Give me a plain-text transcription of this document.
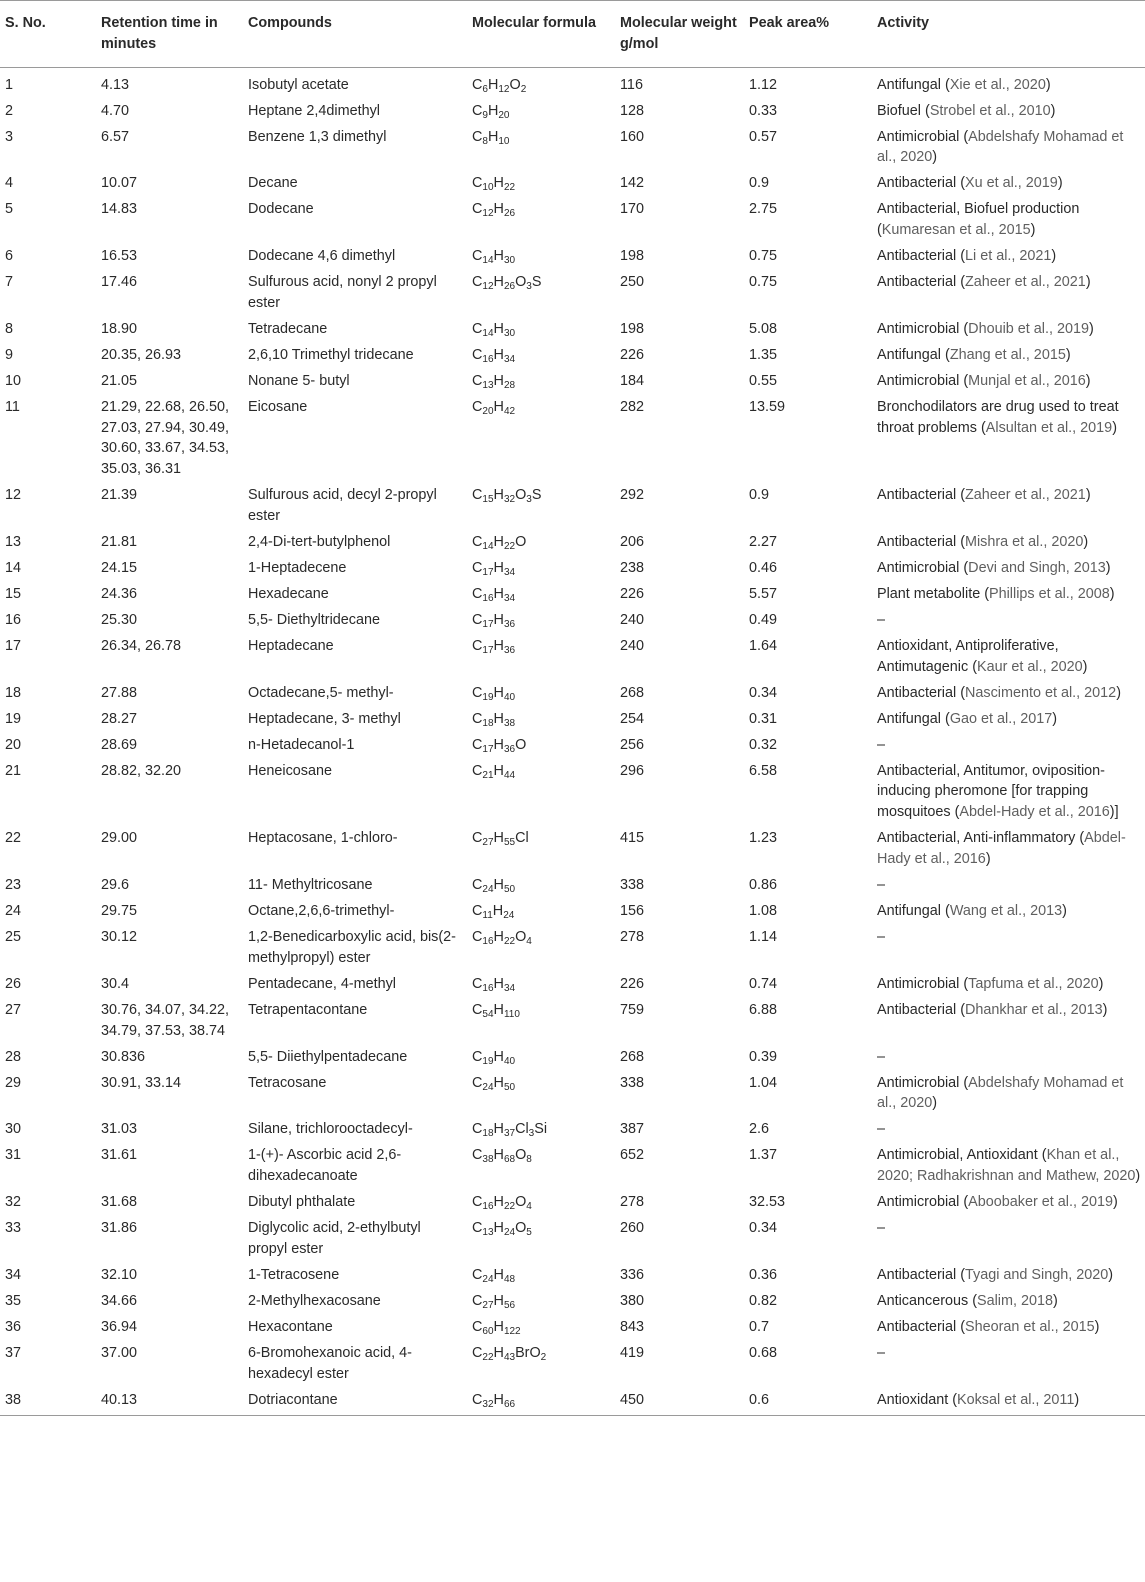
S. No.	Retention time in minutes	Compounds	Molecular formula	Molecular weight g/mol	Peak area%	Activity
1	4.13	Isobutyl acetate	$C_6H_{12}O_2$	116	1.12	Antifungal (Xie et al., 2020)
2	4.70	Heptane 2,4dimethyl	$C_9H_{20}$	128	0.33	Biofuel (Strobel et al., 2010)
3	6.57	Benzene 1,3 dimethyl	$C_8H_{10}$	160	0.57	Antimicrobial (Abdelshafy Mohamad et al., 2020)
4	10.07	Decane	$C_{10}H_{22}$	142	0.9	Antibacterial (Xu et al., 2019)
5	14.83	Dodecane	$C_{12}H_{26}$	170	2.75	Antibacterial, Biofuel production (Kumaresan et al., 2015)
6	16.53	Dodecane 4,6 dimethyl	$C_{14}H_{30}$	198	0.75	Antibacterial (Li et al., 2021)
7	17.46	Sulfurous acid, nonyl 2 propyl ester	$C_{12}H_{26}O_3S$	250	0.75	Antibacterial (Zaheer et al., 2021)
8	18.90	Tetradecane	$C_{14}H_{30}$	198	5.08	Antimicrobial (Dhouib et al., 2019)
9	20.35, 26.93	2,6,10 Trimethyl tridecane	$C_{16}H_{34}$	226	1.35	Antifungal (Zhang et al., 2015)
10	21.05	Nonane 5- butyl	$C_{13}H_{28}$	184	0.55	Antimicrobial (Munjal et al., 2016)
11	21.29, 22.68, 26.50, 27.03, 27.94, 30.49, 30.60, 33.67, 34.53, 35.03, 36.31	Eicosane	$C_{20}H_{42}$	282	13.59	Bronchodilators are drug used to treat throat problems (Alsultan et al., 2019)
12	21.39	Sulfurous acid, decyl 2-propyl ester	$C_{15}H_{32}O_3S$	292	0.9	Antibacterial (Zaheer et al., 2021)
13	21.81	2,4-Di-tert-butylphenol	$C_{14}H_{22}O$	206	2.27	Antibacterial (Mishra et al., 2020)
14	24.15	1-Heptadecene	$C_{17}H_{34}$	238	0.46	Antimicrobial (Devi and Singh, 2013)
15	24.36	Hexadecane	$C_{16}H_{34}$	226	5.57	Plant metabolite (Phillips et al., 2008)
16	25.30	5,5- Diethyltridecane	$C_{17}H_{36}$	240	0.49	–
17	26.34, 26.78	Heptadecane	$C_{17}H_{36}$	240	1.64	Antioxidant, Antiproliferative, Antimutagenic (Kaur et al., 2020)
18	27.88	Octadecane,5- methyl-	$C_{19}H_{40}$	268	0.34	Antibacterial (Nascimento et al., 2012)
19	28.27	Heptadecane, 3- methyl	$C_{18}H_{38}$	254	0.31	Antifungal (Gao et al., 2017)
20	28.69	n-Hetadecanol-1	$C_{17}H_{36}O$	256	0.32	–
21	28.82, 32.20	Heneicosane	$C_{21}H_{44}$	296	6.58	Antibacterial, Antitumor, oviposition-inducing pheromone [for trapping mosquitoes (Abdel-Hady et al., 2016)]
22	29.00	Heptacosane, 1-chloro-	$C_{27}H_{55}Cl$	415	1.23	Antibacterial, Anti-inflammatory (Abdel-Hady et al., 2016)
23	29.6	11- Methyltricosane	$C_{24}H_{50}$	338	0.86	–
24	29.75	Octane,2,6,6-trimethyl-	$C_{11}H_{24}$	156	1.08	Antifungal (Wang et al., 2013)
25	30.12	1,2-Benedicarboxylic acid, bis(2-methylpropyl) ester	$C_{16}H_{22}O_4$	278	1.14	–
26	30.4	Pentadecane, 4-methyl	$C_{16}H_{34}$	226	0.74	Antimicrobial (Tapfuma et al., 2020)
27	30.76, 34.07, 34.22, 34.79, 37.53, 38.74	Tetrapentacontane	$C_{54}H_{110}$	759	6.88	Antibacterial (Dhankhar et al., 2013)
28	30.836	5,5- Diiethylpentadecane	$C_{19}H_{40}$	268	0.39	–
29	30.91, 33.14	Tetracosane	$C_{24}H_{50}$	338	1.04	Antimicrobial (Abdelshafy Mohamad et al., 2020)
30	31.03	Silane, trichlorooctadecyl-	$C_{18}H_{37}Cl_3Si$	387	2.6	–
31	31.61	1-(+)- Ascorbic acid 2,6-dihexadecanoate	$C_{38}H_{68}O_8$	652	1.37	Antimicrobial, Antioxidant (Khan et al., 2020; Radhakrishnan and Mathew, 2020)
32	31.68	Dibutyl phthalate	$C_{16}H_{22}O_4$	278	32.53	Antimicrobial (Aboobaker et al., 2019)
33	31.86	Diglycolic acid, 2-ethylbutyl propyl ester	$C_{13}H_{24}O_5$	260	0.34	–
34	32.10	1-Tetracosene	$C_{24}H_{48}$	336	0.36	Antibacterial (Tyagi and Singh, 2020)
35	34.66	2-Methylhexacosane	$C_{27}H_{56}$	380	0.82	Anticancerous (Salim, 2018)
36	36.94	Hexacontane	$C_{60}H_{122}$	843	0.7	Antibacterial (Sheoran et al., 2015)
37	37.00	6-Bromohexanoic acid, 4-hexadecyl ester	$C_{22}H_{43}BrO_2$	419	0.68	–
38	40.13	Dotriacontane	$C_{32}H_{66}$	450	0.6	Antioxidant (Koksal et al., 2011)
